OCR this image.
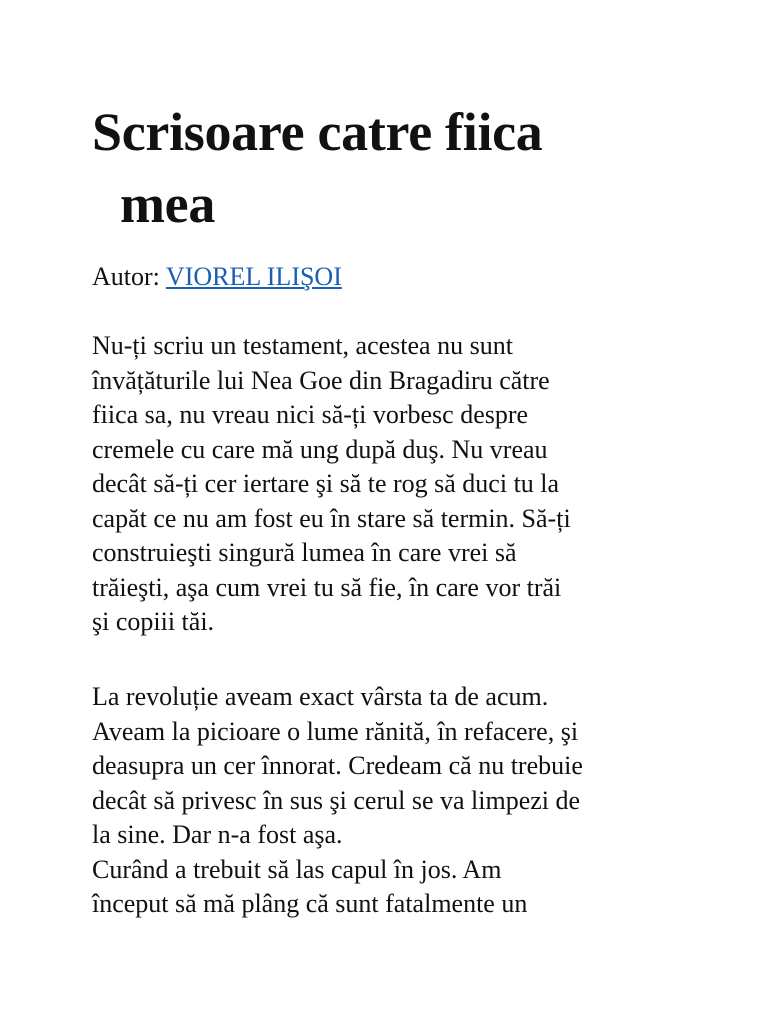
Scrisoare catre fiica
mea
Autor: VIOREL ILIŞOI
Nu-ți scriu un testament, acestea nu sunt
învățăturile lui Nea Goe din Bragadiru către
fiica sa, nu vreau nici să-ți vorbesc despre
cremele cu care mă ung după duş. Nu vreau
decât să-ți cer iertare şi să te rog să duci tu la
capăt ce nu am fost eu în stare să termin. Să-ți
construieşti singură lumea în care vrei să
trăieşti, aşa cum vrei tu să fie, în care vor trăi
şi copiii tăi.
La revoluție aveam exact vârsta ta de acum.
Aveam la picioare o lume rănită, în refacere, şi
deasupra un cer înnorat. Credeam că nu trebuie
decât să privesc în sus şi cerul se va limpezi de
la sine. Dar n-a fost aşa.
Curând a trebuit să las capul în jos. Am
început să mă plâng că sunt fatalmente un
